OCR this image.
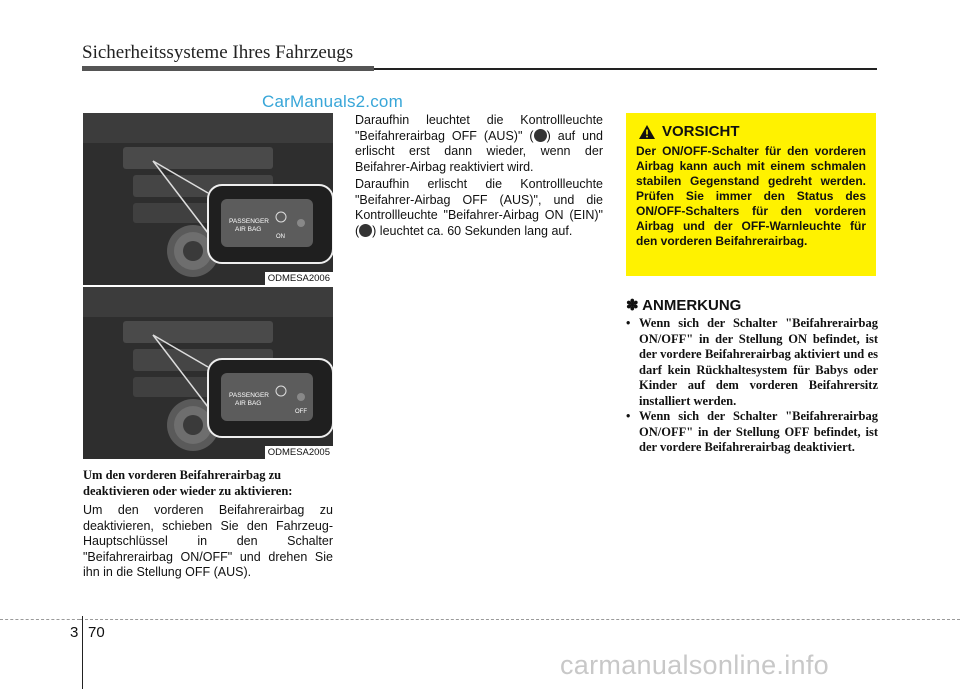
Sicherheitssysteme Ihres Fahrzeugs
CarManuals2.com
PASSENGER
AIR BAG
ON
ODMESA2006
PASSENGER
AIR BAG
OFF
ODMESA2005
Um den vorderen Beifahrerairbag zu deaktivieren oder wieder zu aktivieren:
Um den vorderen Beifahrerairbag zu deaktivieren, schieben Sie den Fahrzeug-Hauptschlüssel in den Schalter "Beifahrerairbag ON/OFF" und drehen Sie ihn in die Stellung OFF (AUS).
Daraufhin leuchtet die Kontrollleuchte "Beifahrerairbag OFF (AUS)" ( ) auf und erlischt erst dann wieder, wenn der Beifahrer-Airbag reaktiviert wird.
Daraufhin erlischt die Kontrollleuchte "Beifahrer-Airbag OFF (AUS)", und die Kontrollleuchte "Beifahrer-Airbag ON (EIN)" ( ) leuchtet ca. 60 Sekunden lang auf.
VORSICHT
Der ON/OFF-Schalter für den vorderen Airbag kann auch mit einem schmalen stabilen Gegenstand gedreht werden. Prüfen Sie immer den Status des ON/OFF-Schalters für den vorderen Airbag und der OFF-Warnleuchte für den vorderen Beifahrerairbag.
✽ ANMERKUNG
• Wenn sich der Schalter "Beifahrerairbag ON/OFF" in der Stellung ON befindet, ist der vordere Beifahrerairbag aktiviert und es darf kein Rückhaltesystem für Babys oder Kinder auf dem vorderen Beifahrersitz installiert werden.
• Wenn sich der Schalter "Beifahrerairbag ON/OFF" in der Stellung OFF befindet, ist der vordere Beifahrerairbag deaktiviert.
3 70
carmanualsonline.info
